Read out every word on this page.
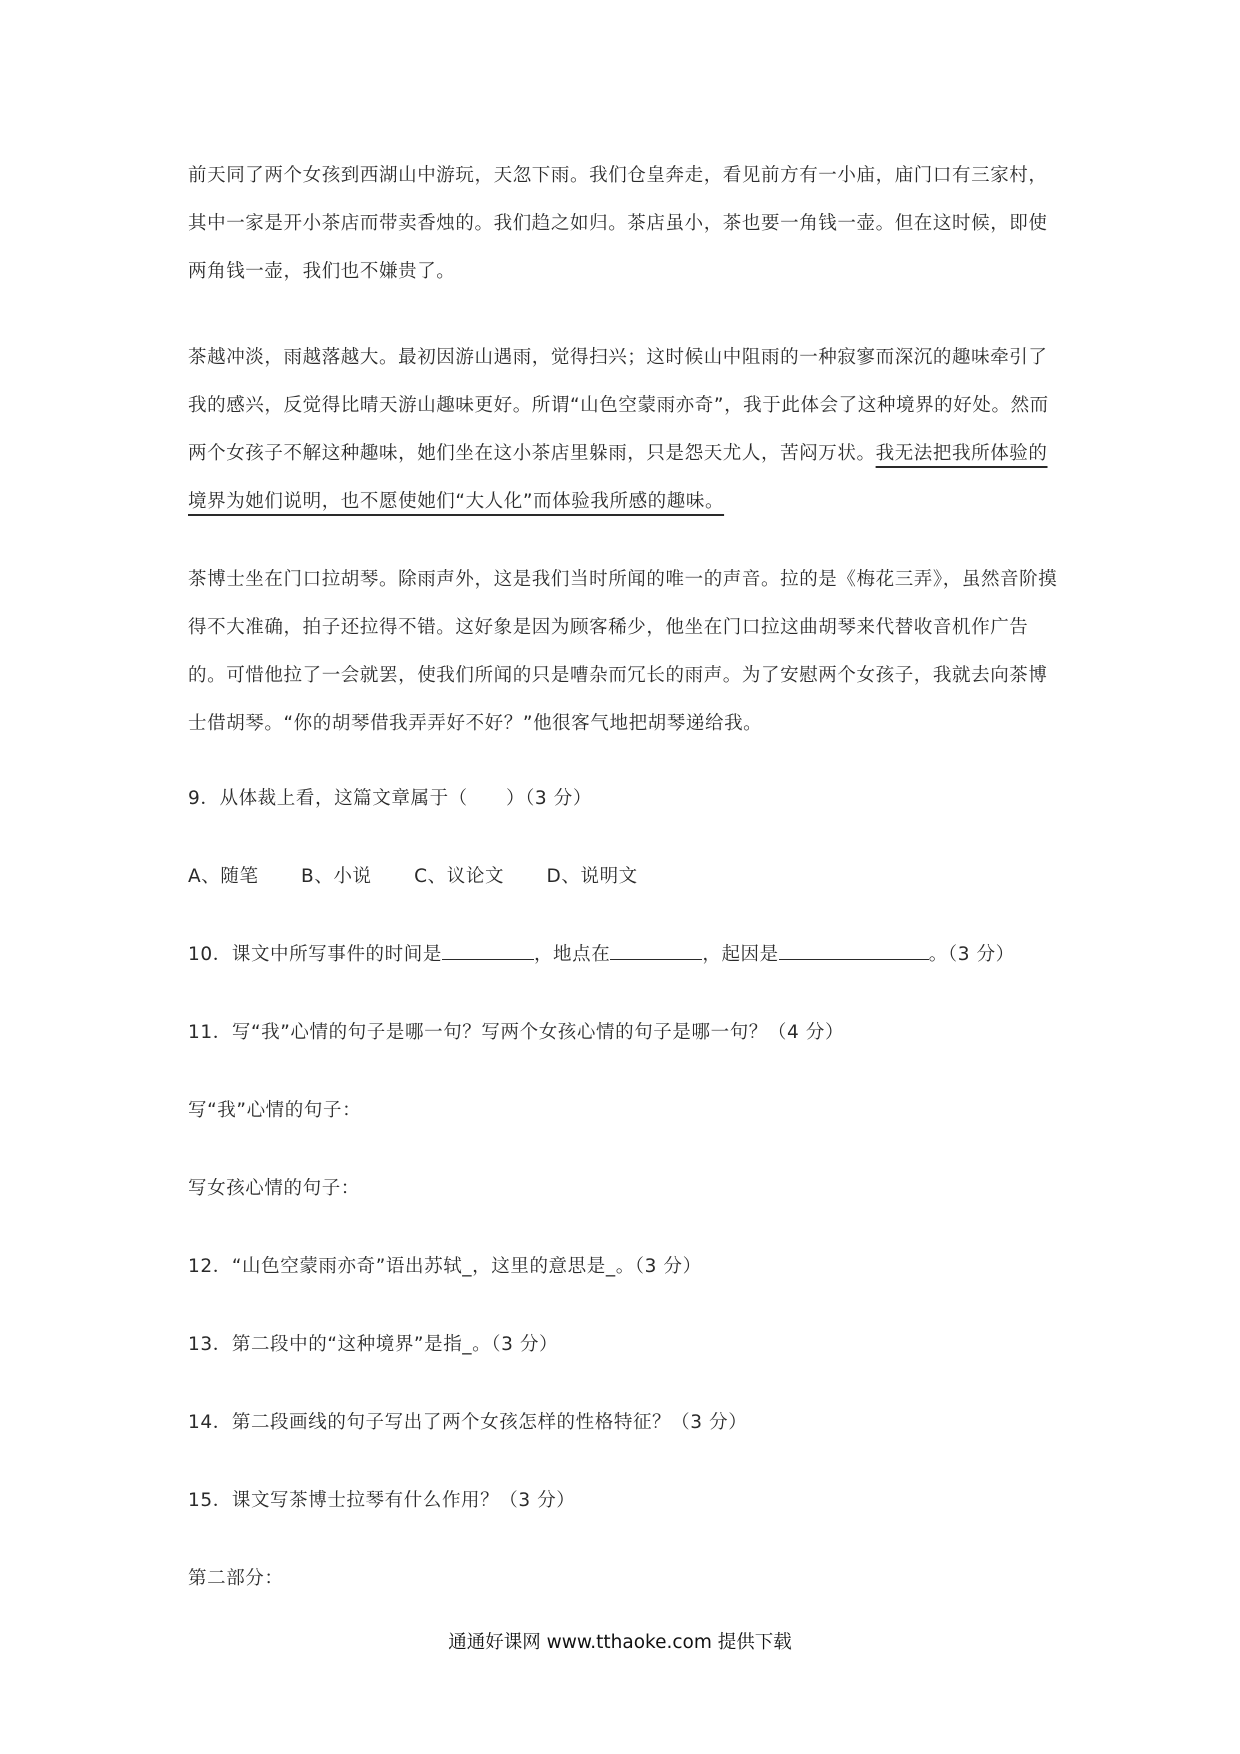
前天同了两个女孩到西湖山中游玩，天忽下雨。我们仓皇奔走，看见前方有一小庙，庙门口有三家村，其中一家是开小茶店而带卖香烛的。我们趋之如归。茶店虽小，茶也要一角钱一壶。但在这时候，即使两角钱一壶，我们也不嫌贵了。

茶越冲淡，雨越落越大。最初因游山遇雨，觉得扫兴；这时候山中阻雨的一种寂寥而深沉的趣味牵引了我的感兴，反觉得比晴天游山趣味更好。所谓“山色空蒙雨亦奇”，我于此体会了这种境界的好处。然而两个女孩子不解这种趣味，她们坐在这小茶店里躲雨，只是怨天尤人，苦闷万状。我无法把我所体验的境界为她们说明，也不愿使她们“大人化”而体验我所感的趣味。

茶博士坐在门口拉胡琴。除雨声外，这是我们当时所闻的唯一的声音。拉的是《梅花三弄》，虽然音阶摸得不大准确，拍子还拉得不错。这好象是因为顾客稀少，他坐在门口拉这曲胡琴来代替收音机作广告的。可惜他拉了一会就罢，使我们所闻的只是嘈杂而冗长的雨声。为了安慰两个女孩子，我就去向茶博士借胡琴。“你的胡琴借我弄弄好不好？”他很客气地把胡琴递给我。

9．从体裁上看，这篇文章属于（　　）（3 分）
A、随笔 B、小说 C、议论文 D、说明文
10．课文中所写事件的时间是	，地点在	，起因是	。（3 分）
11．写“我”心情的句子是哪一句？写两个女孩心情的句子是哪一句？（4 分）
写“我”心情的句子：
写女孩心情的句子：
12．“山色空蒙雨亦奇”语出苏轼_，这里的意思是_。（3 分）
13．第二段中的“这种境界”是指_。（3 分）
14．第二段画线的句子写出了两个女孩怎样的性格特征？（3 分）
15．课文写茶博士拉琴有什么作用？（3 分）
第二部分：
通通好课网 www.tthaoke.com 提供下载
